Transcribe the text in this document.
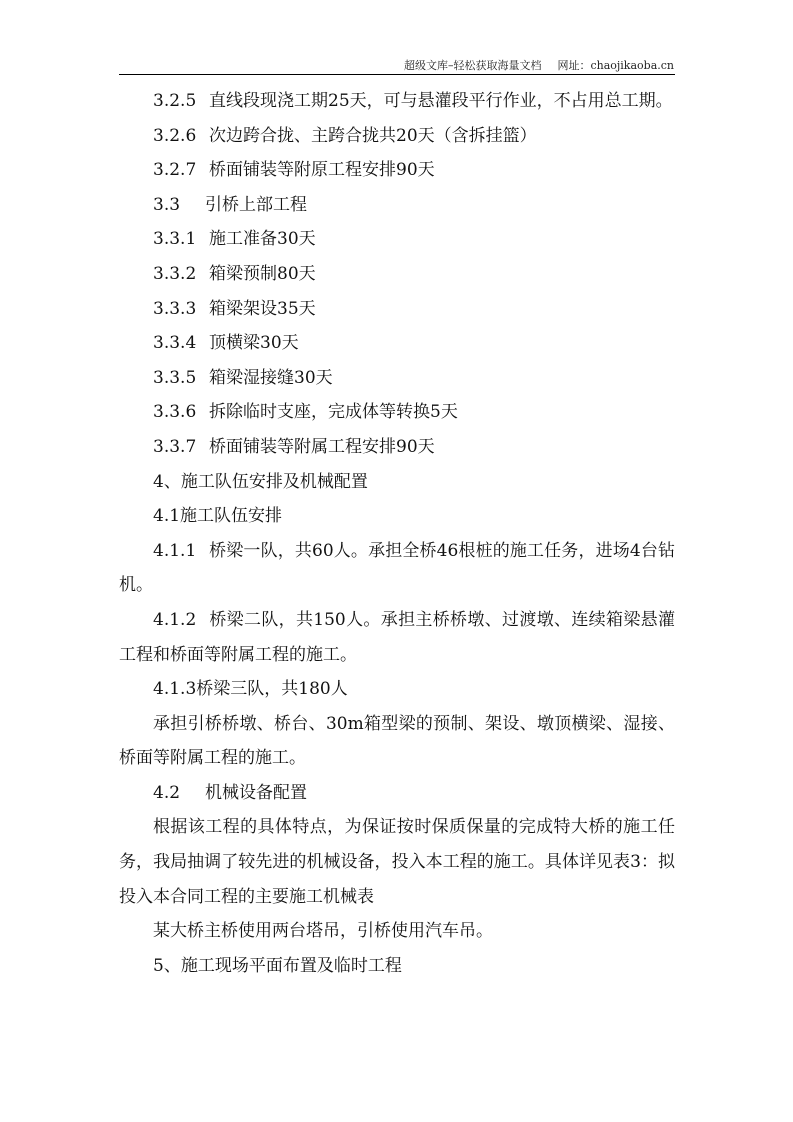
超级文库–轻松获取海量文档 网址：chaojikaoba.cn

3.2.5 直线段现浇工期25天，可与悬灌段平行作业，不占用总工期。

3.2.6 次边跨合拢、主跨合拢共20天（含拆挂篮）

3.2.7 桥面铺装等附原工程安排90天

3.3 引桥上部工程

3.3.1 施工准备30天

3.3.2 箱梁预制80天

3.3.3 箱梁架设35天

3.3.4 顶横梁30天

3.3.5 箱梁湿接缝30天

3.3.6 拆除临时支座，完成体等转换5天

3.3.7 桥面铺装等附属工程安排90天

4、施工队伍安排及机械配置

4.1施工队伍安排

4.1.1 桥梁一队，共60人。承担全桥46根桩的施工任务，进场4台钻机。

4.1.2 桥梁二队，共150人。承担主桥桥墩、过渡墩、连续箱梁悬灌工程和桥面等附属工程的施工。

4.1.3桥梁三队，共180人

承担引桥桥墩、桥台、30m箱型梁的预制、架设、墩顶横梁、湿接、桥面等附属工程的施工。

4.2 机械设备配置

根据该工程的具体特点，为保证按时保质保量的完成特大桥的施工任务，我局抽调了较先进的机械设备，投入本工程的施工。具体详见表3：拟投入本合同工程的主要施工机械表

某大桥主桥使用两台塔吊，引桥使用汽车吊。

5、施工现场平面布置及临时工程
